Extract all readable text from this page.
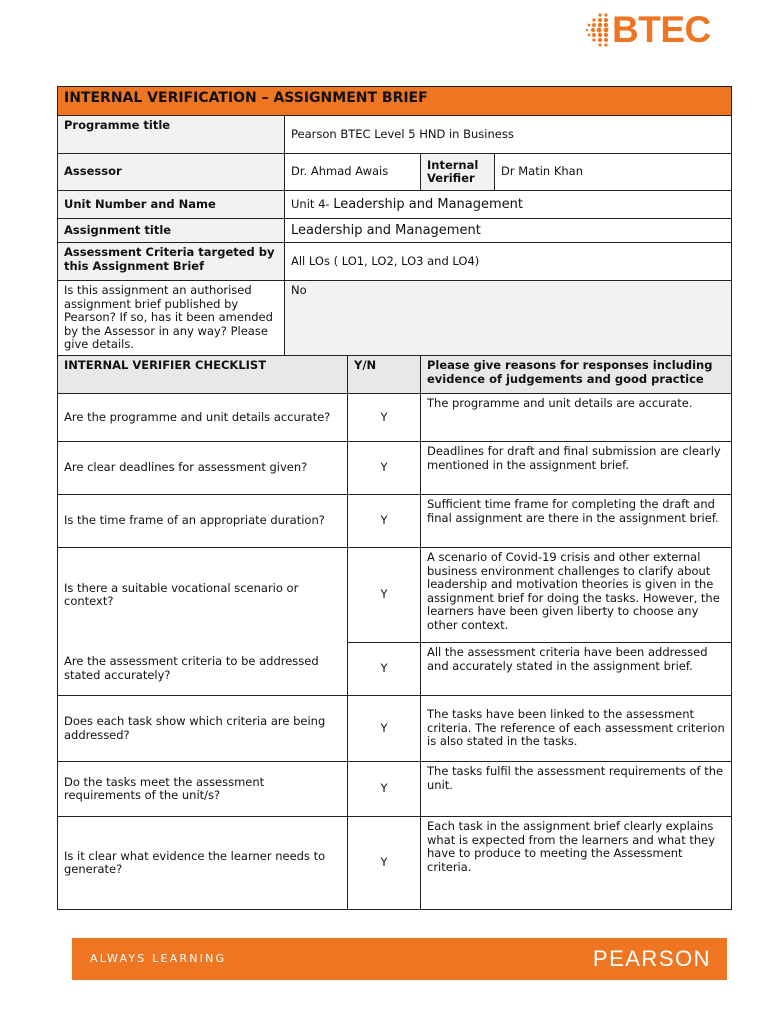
BTEC
INTERNAL VERIFICATION – ASSIGNMENT BRIEF				
Programme title	Pearson BTEC Level 5 HND in Business			
Assessor	Dr. Ahmad Awais		Internal Verifier	Dr Matin Khan
Unit Number and Name	Unit 4- Leadership and Management			
Assignment title	Leadership and Management			
Assessment Criteria targeted by this Assignment Brief	All LOs ( LO1, LO2, LO3 and LO4)			
Is this assignment an authorised assignment brief published by Pearson? If so, has it been amended by the Assessor in any way? Please give details.	No			
INTERNAL VERIFIER CHECKLIST		Y/N	Please give reasons for responses including evidence of judgements and good practice	
Are the programme and unit details accurate?		Y	The programme and unit details are accurate.	
Are clear deadlines for assessment given?		Y	Deadlines for draft and final submission are clearly mentioned in the assignment brief.	
Is the time frame of an appropriate duration?		Y	Sufficient time frame for completing the draft and final assignment are there in the assignment brief.	
Is there a suitable vocational scenario or context?		Y	A scenario of Covid-19 crisis and other external business environment challenges to clarify about leadership and motivation theories is given in the assignment brief for doing the tasks. However, the learners have been given liberty to choose any other context.	
Are the assessment criteria to be addressed stated accurately?		Y	All the assessment criteria have been addressed and accurately stated in the assignment brief.	
Does each task show which criteria are being addressed?		Y	The tasks have been linked to the assessment criteria. The reference of each assessment criterion is also stated in the tasks.	
Do the tasks meet the assessment requirements of the unit/s?		Y	The tasks fulfil the assessment requirements of the unit.	
Is it clear what evidence the learner needs to generate?		Y	Each task in the assignment brief clearly explains what is expected from the learners and what they have to produce to meeting the Assessment criteria.	
ALWAYS LEARNING	PEARSON
